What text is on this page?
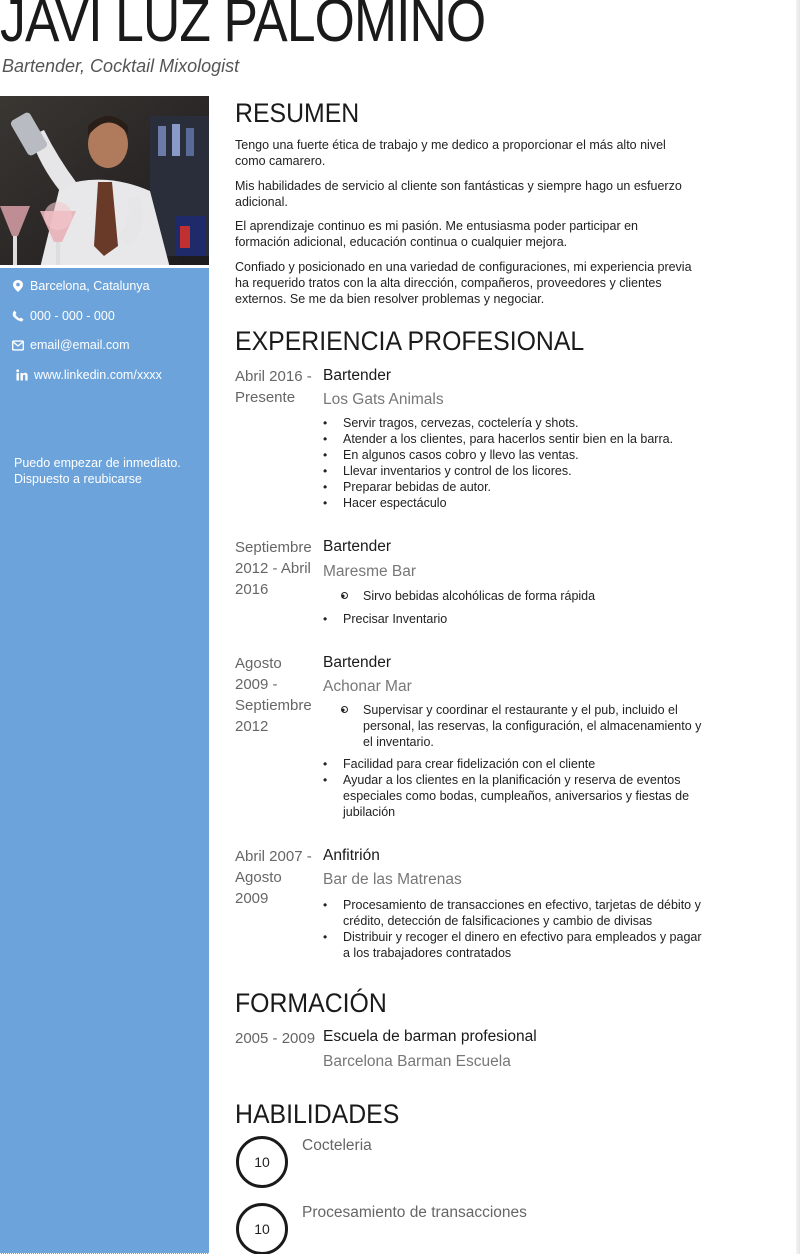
JAVI LUZ PALOMINO
Bartender, Cocktail Mixologist
Barcelona, Catalunya
000 - 000 - 000
email@email.com
www.linkedin.com/xxxx
Puedo empezar de inmediato.
Dispuesto a reubicarse
RESUMEN
Tengo una fuerte ética de trabajo y me dedico a proporcionar el más alto nivel como camarero.
Mis habilidades de servicio al cliente son fantásticas y siempre hago un esfuerzo adicional.
El aprendizaje continuo es mi pasión. Me entusiasma poder participar en formación adicional, educación continua o cualquier mejora.
Confiado y posicionado en una variedad de configuraciones, mi experiencia previa ha requerido tratos con la alta dirección, compañeros, proveedores y clientes externos. Se me da bien resolver problemas y negociar.
EXPERIENCIA PROFESIONAL
Abril 2016 - Presente
Bartender
Los Gats Animals
• Servir tragos, cervezas, coctelería y shots.
• Atender a los clientes, para hacerlos sentir bien en la barra.
• En algunos casos cobro y llevo las ventas.
• Llevar inventarios y control de los licores.
• Preparar bebidas de autor.
• Hacer espectáculo
Septiembre 2012 - Abril 2016
Bartender
Maresme Bar
● Sirvo bebidas alcohólicas de forma rápida
• Precisar Inventario
Agosto 2009 - Septiembre 2012
Bartender
Achonar Mar
● Supervisar y coordinar el restaurante y el pub, incluido el personal, las reservas, la configuración, el almacenamiento y el inventario.
• Facilidad para crear fidelización con el cliente
• Ayudar a los clientes en la planificación y reserva de eventos especiales como bodas, cumpleaños, aniversarios y fiestas de jubilación
Abril 2007 - Agosto 2009
Anfitrión
Bar de las Matrenas
• Procesamiento de transacciones en efectivo, tarjetas de débito y crédito, detección de falsificaciones y cambio de divisas
• Distribuir y recoger el dinero en efectivo para empleados y pagar a los trabajadores contratados
FORMACIÓN
2005 - 2009 Escuela de barman profesional
Barcelona Barman Escuela
HABILIDADES
10
Cocteleria
10
Procesamiento de transacciones
